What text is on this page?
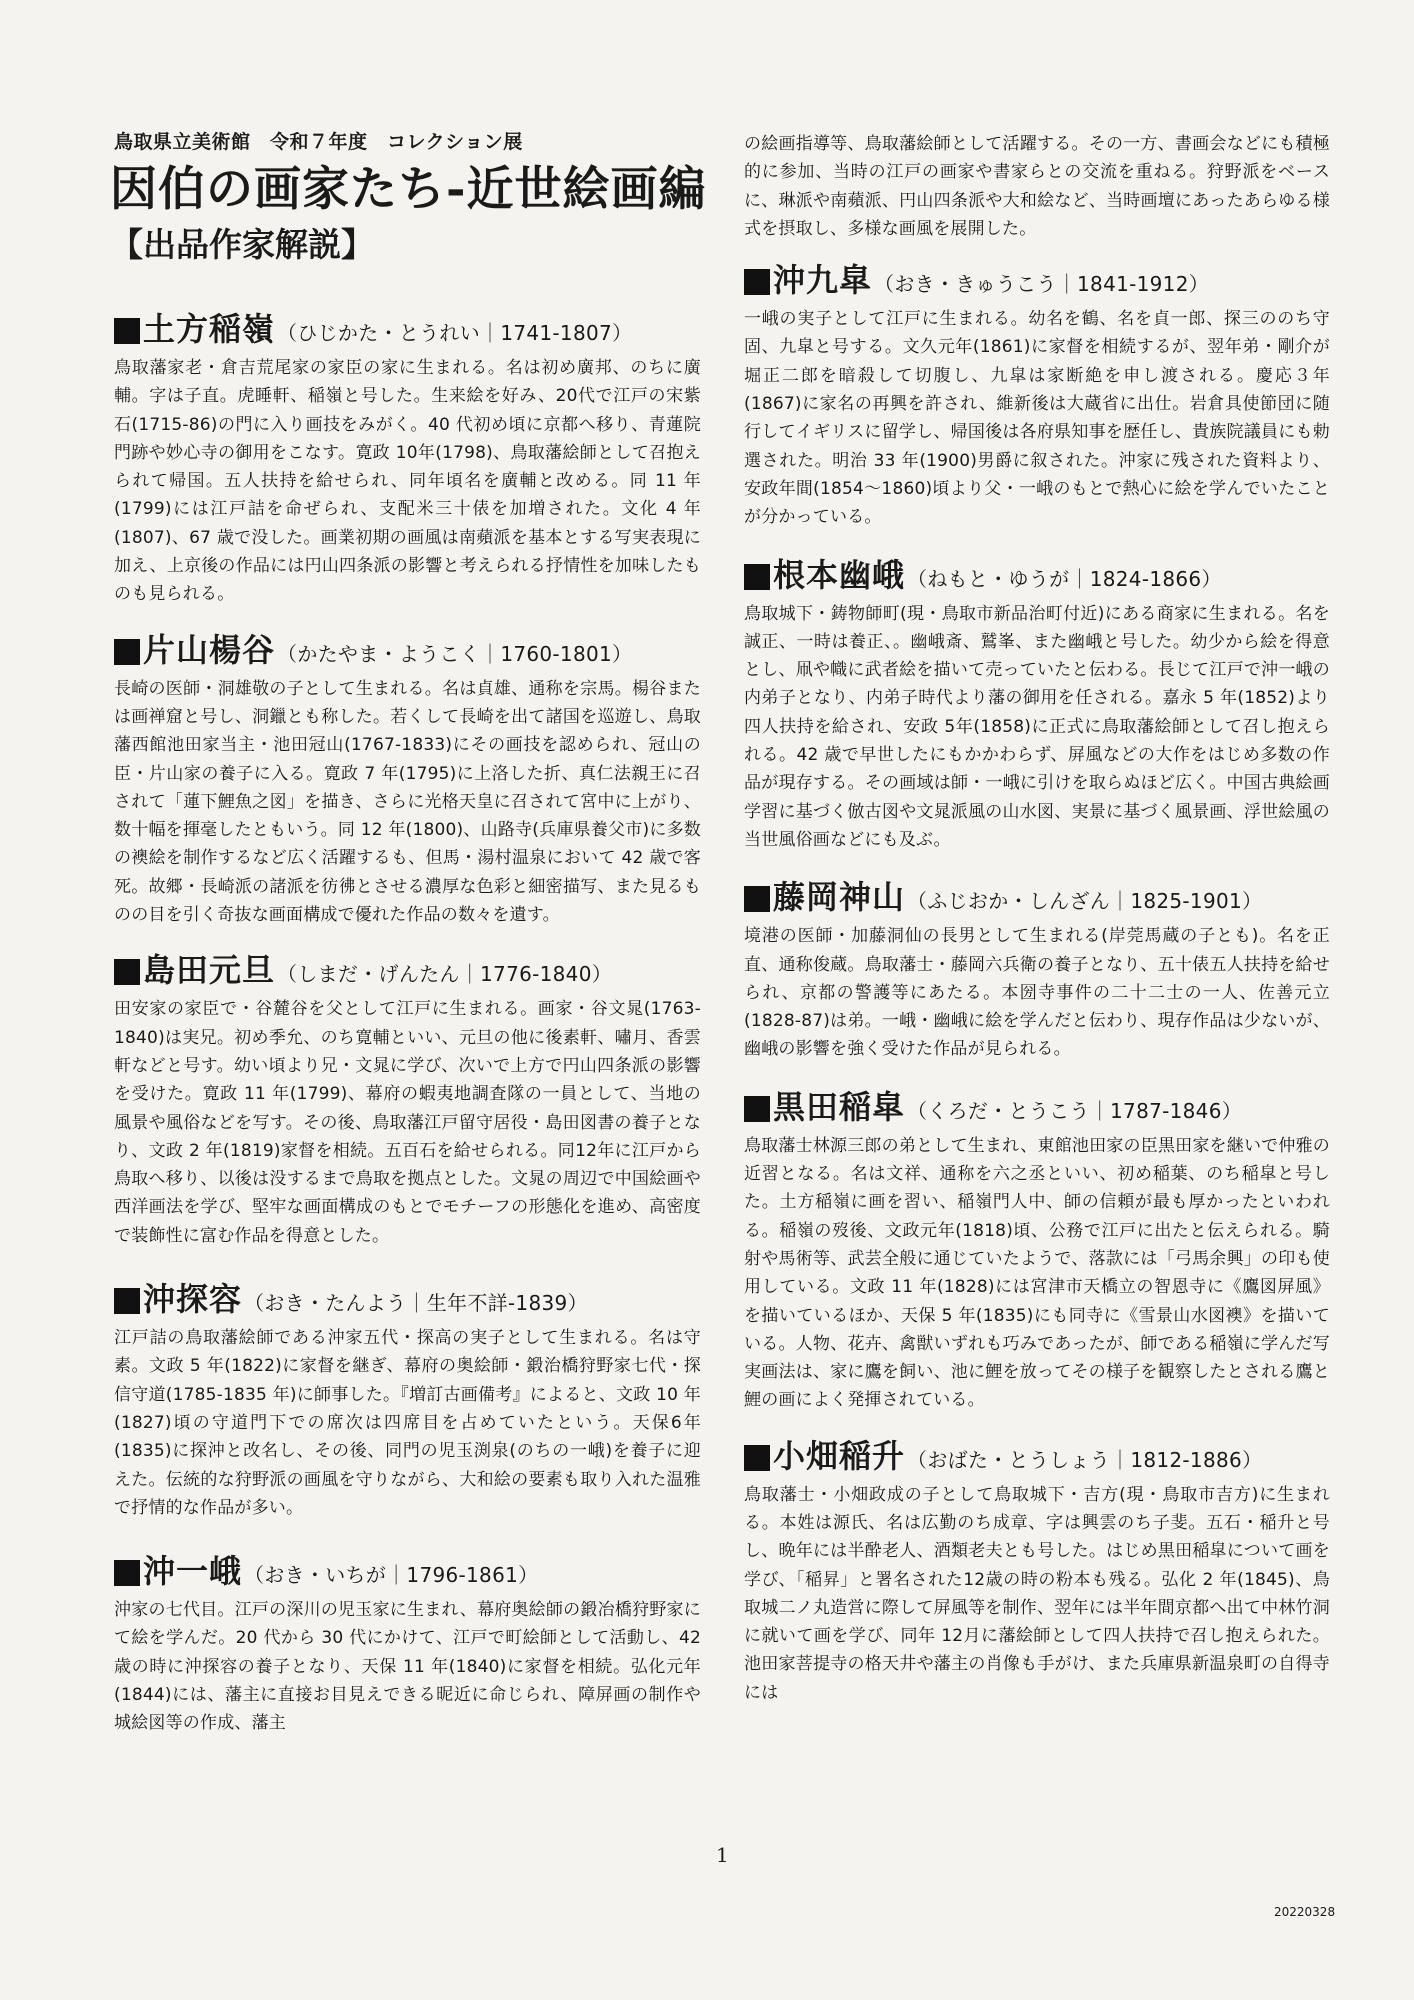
鳥取県立美術館　令和７年度　コレクション展

因伯の画家たち‐近世絵画編
【出品作家解説】
土方稲嶺 （ひじかた・とうれい｜1741-1807）

鳥取藩家老・倉吉荒尾家の家臣の家に生まれる。名は初め廣邦、のちに廣輔。字は子直。虎睡軒、稲嶺と号した。生来絵を好み、20代で江戸の宋紫石(1715-86)の門に入り画技をみがく。40 代初め頃に京都へ移り、青蓮院門跡や妙心寺の御用をこなす。寛政 10年(1798)、鳥取藩絵師として召抱えられて帰国。五人扶持を給せられ、同年頃名を廣輔と改める。同 11 年(1799)には江戸詰を命ぜられ、支配米三十俵を加増された。文化 4 年(1807)、67 歳で没した。画業初期の画風は南蘋派を基本とする写実表現に加え、上京後の作品には円山四条派の影響と考えられる抒情性を加味したものも見られる。

片山楊谷 （かたやま・ようこく｜1760-1801）

長崎の医師・洞雄敬の子として生まれる。名は貞雄、通称を宗馬。楊谷または画禅窟と号し、洞鑞とも称した。若くして長崎を出て諸国を巡遊し、鳥取藩西館池田家当主・池田冠山(1767-1833)にその画技を認められ、冠山の臣・片山家の養子に入る。寛政 7 年(1795)に上洛した折、真仁法親王に召されて「蓮下鯉魚之図」を描き、さらに光格天皇に召されて宮中に上がり、数十幅を揮毫したともいう。同 12 年(1800)、山路寺(兵庫県養父市)に多数の襖絵を制作するなど広く活躍するも、但馬・湯村温泉において 42 歳で客死。故郷・長崎派の諸派を彷彿とさせる濃厚な色彩と細密描写、また見るものの目を引く奇抜な画面構成で優れた作品の数々を遺す。

島田元旦 （しまだ・げんたん｜1776-1840）

田安家の家臣で・谷麓谷を父として江戸に生まれる。画家・谷文晁(1763-1840)は実兄。初め季允、のち寛輔といい、元旦の他に後素軒、嘯月、香雲軒などと号す。幼い頃より兄・文晁に学び、次いで上方で円山四条派の影響を受けた。寛政 11 年(1799)、幕府の蝦夷地調査隊の一員として、当地の風景や風俗などを写す。その後、鳥取藩江戸留守居役・島田図書の養子となり、文政 2 年(1819)家督を相続。五百石を給せられる。同12年に江戸から鳥取へ移り、以後は没するまで鳥取を拠点とした。文晁の周辺で中国絵画や西洋画法を学び、堅牢な画面構成のもとでモチーフの形態化を進め、高密度で装飾性に富む作品を得意とした。

沖探容 （おき・たんよう｜生年不詳-1839）

江戸詰の鳥取藩絵師である沖家五代・探高の実子として生まれる。名は守素。文政 5 年(1822)に家督を継ぎ、幕府の奥絵師・鍛治橋狩野家七代・探信守道(1785-1835 年)に師事した。『増訂古画備考』によると、文政 10 年(1827)頃の守道門下での席次は四席目を占めていたという。天保6年(1835)に探沖と改名し、その後、同門の児玉渕泉(のちの一峨)を養子に迎えた。伝統的な狩野派の画風を守りながら、大和絵の要素も取り入れた温雅で抒情的な作品が多い。

沖一峨 （おき・いちが｜1796-1861）

沖家の七代目。江戸の深川の児玉家に生まれ、幕府奥絵師の鍛冶橋狩野家にて絵を学んだ。20 代から 30 代にかけて、江戸で町絵師として活動し、42 歳の時に沖探容の養子となり、天保 11 年(1840)に家督を相続。弘化元年(1844)には、藩主に直接お目見えできる昵近に命じられ、障屏画の制作や城絵図等の作成、藩主

の絵画指導等、鳥取藩絵師として活躍する。その一方、書画会などにも積極的に参加、当時の江戸の画家や書家らとの交流を重ねる。狩野派をベースに、琳派や南蘋派、円山四条派や大和絵など、当時画壇にあったあらゆる様式を摂取し、多様な画風を展開した。

沖九皐 （おき・きゅうこう｜1841-1912）

一峨の実子として江戸に生まれる。幼名を鶴、名を貞一郎、探三ののち守固、九皐と号する。文久元年(1861)に家督を相続するが、翌年弟・剛介が堀正二郎を暗殺して切腹し、九皐は家断絶を申し渡される。慶応３年(1867)に家名の再興を許され、維新後は大蔵省に出仕。岩倉具使節団に随行してイギリスに留学し、帰国後は各府県知事を歴任し、貴族院議員にも勅選された。明治 33 年(1900)男爵に叙された。沖家に残された資料より、安政年間(1854～1860)頃より父・一峨のもとで熱心に絵を学んでいたことが分かっている。

根本幽峨 （ねもと・ゆうが｜1824-1866）

鳥取城下・鋳物師町(現・鳥取市新品治町付近)にある商家に生まれる。名を誠正、一時は養正、。幽峨斎、鷲峯、また幽峨と号した。幼少から絵を得意とし、凧や幟に武者絵を描いて売っていたと伝わる。長じて江戸で沖一峨の内弟子となり、内弟子時代より藩の御用を任される。嘉永 5 年(1852)より四人扶持を給され、安政 5年(1858)に正式に鳥取藩絵師として召し抱えられる。42 歳で早世したにもかかわらず、屏風などの大作をはじめ多数の作品が現存する。その画域は師・一峨に引けを取らぬほど広く。中国古典絵画学習に基づく倣古図や文晁派風の山水図、実景に基づく風景画、浮世絵風の当世風俗画などにも及ぶ。

藤岡神山 （ふじおか・しんざん｜1825-1901）

境港の医師・加藤洞仙の長男として生まれる(岸莞馬蔵の子とも)。名を正直、通称俊蔵。鳥取藩士・藤岡六兵衛の養子となり、五十俵五人扶持を給せられ、京都の警護等にあたる。本圀寺事件の二十二士の一人、佐善元立(1828-87)は弟。一峨・幽峨に絵を学んだと伝わり、現存作品は少ないが、幽峨の影響を強く受けた作品が見られる。

黒田稲皐 （くろだ・とうこう｜1787-1846）

鳥取藩士林源三郎の弟として生まれ、東館池田家の臣黒田家を継いで仲雅の近習となる。名は文祥、通称を六之丞といい、初め稲葉、のち稲皐と号した。土方稲嶺に画を習い、稲嶺門人中、師の信頼が最も厚かったといわれる。稲嶺の歿後、文政元年(1818)頃、公務で江戸に出たと伝えられる。騎射や馬術等、武芸全般に通じていたようで、落款には「弓馬余興」の印も使用している。文政 11 年(1828)には宮津市天橋立の智恩寺に《鷹図屏風》を描いているほか、天保 5 年(1835)にも同寺に《雪景山水図襖》を描いている。人物、花卉、禽獣いずれも巧みであったが、師である稲嶺に学んだ写実画法は、家に鷹を飼い、池に鯉を放ってその様子を観察したとされる鷹と鯉の画によく発揮されている。

小畑稲升 （おばた・とうしょう｜1812-1886）

鳥取藩士・小畑政成の子として鳥取城下・吉方(現・鳥取市吉方)に生まれる。本姓は源氏、名は広勤のち成章、字は興雲のち子斐。五石・稲升と号し、晩年には半酔老人、酒類老夫とも号した。はじめ黒田稲皐について画を学び、「稲昇」と署名された12歳の時の粉本も残る。弘化 2 年(1845)、鳥取城二ノ丸造営に際して屏風等を制作、翌年には半年間京都へ出て中林竹洞に就いて画を学び、同年 12月に藩絵師として四人扶持で召し抱えられた。池田家菩提寺の格天井や藩主の肖像も手がけ、また兵庫県新温泉町の自得寺には

1
20220328
